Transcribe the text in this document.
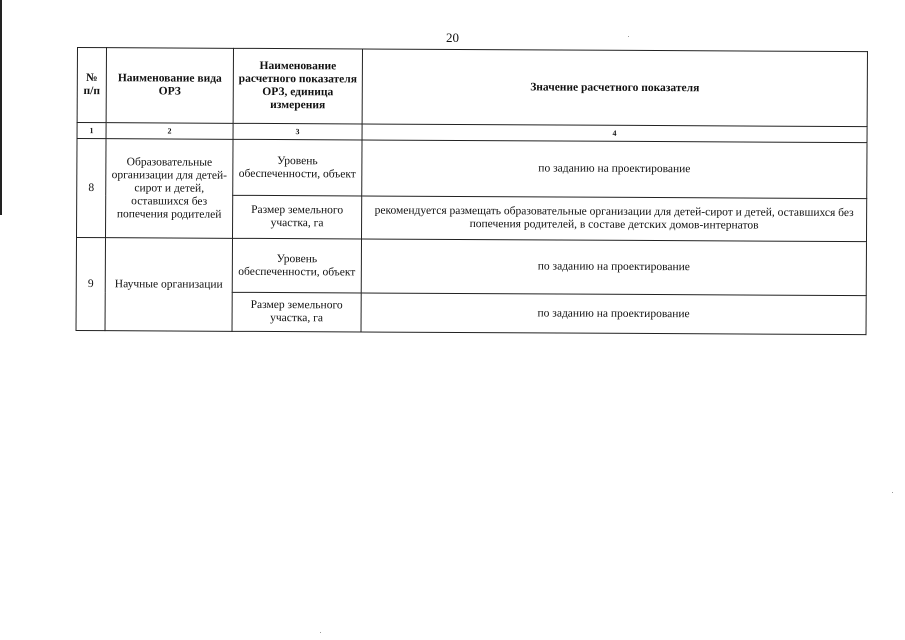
20
№ п/п	Наименование вида ОРЗ	Наименование расчетного показателя ОРЗ, единица измерения	Значение расчетного показателя
1	2	3	4
8	Образовательные организации для детей-сирот и детей, оставшихся без попечения родителей	Уровень обеспеченности, объект	по заданию на проектирование
		Размер земельного участка, га	рекомендуется размещать образовательные организации для детей-сирот и детей, оставшихся без попечения родителей, в составе детских домов-интернатов
9	Научные организации	Уровень обеспеченности, объект	по заданию на проектирование
		Размер земельного участка, га	по заданию на проектирование
